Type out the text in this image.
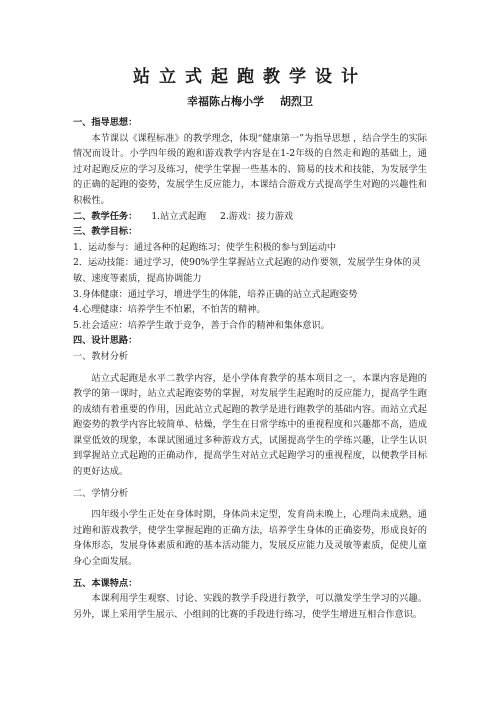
站立式起跑教学设计
幸福陈占梅小学 胡烈卫

一、指导思想：

本节课以《课程标准》的教学理念，体现“健康第一”为指导思想 ，结合学生的实际情况而设计。小学四年级的跑和游戏教学内容是在1-2年级的自然走和跑的基础上，通过对起跑反应的学习及练习，使学生掌握一些基本的、简易的技术和技能，为发展学生的正确的起跑的姿势，发展学生反应能力，本课结合游戏方式提高学生对跑的兴趣性和积极性。

二、教学任务： 1.站立式起跑 2.游戏：接力游戏

三、教学目标：

1．运动参与：通过各种的起跑练习；使学生积极的参与到运动中

2．运动技能：通过学习，使90%学生掌握站立式起跑的动作要领，发展学生身体的灵敏、速度等素质，提高协调能力

3.身体健康：通过学习，增进学生的体能，培养正确的站立式起跑姿势

4.心理健康：培养学生不怕累，不怕苦的精神。

5.社会适应：培养学生敢于竞争，善于合作的精神和集体意识。

四、设计思路：

一、教材分析

站立式起跑是水平二教学内容，是小学体育教学的基本项目之一，本课内容是跑的教学的第一课时，站立式起跑姿势的掌握，对发展学生起跑时的反应能力，提高学生跑的成绩有着重要的作用，因此站立式起跑的教学是进行跑教学的基础内容。而站立式起跑姿势的教学内容比较简单、枯燥，学生在日常学练中的重视程度和兴趣都不高，造成课堂低效的现象，本课试图通过多种游戏方式，试图提高学生的学练兴趣，让学生认识到掌握站立式起跑的正确动作，提高学生对站立式起跑学习的重视程度，以便教学目标的更好达成。

二、学情分析

四年级小学生正处在身体时期，身体尚未定型，发育尚未晚上，心理尚未成熟，通过跑和游戏教学，使学生掌握起跑的正确方法，培养学生身体的正确姿势，形成良好的身体形态，发展身体素质和跑的基本活动能力，发展反应能力及灵敏等素质，促使儿童身心全面发展。

五、本课特点：

本课利用学生观察、讨论、实践的教学手段进行教学，可以激发学生学习的兴趣。另外，课上采用学生展示、小组间的比赛的手段进行练习，使学生增进互相合作意识。
